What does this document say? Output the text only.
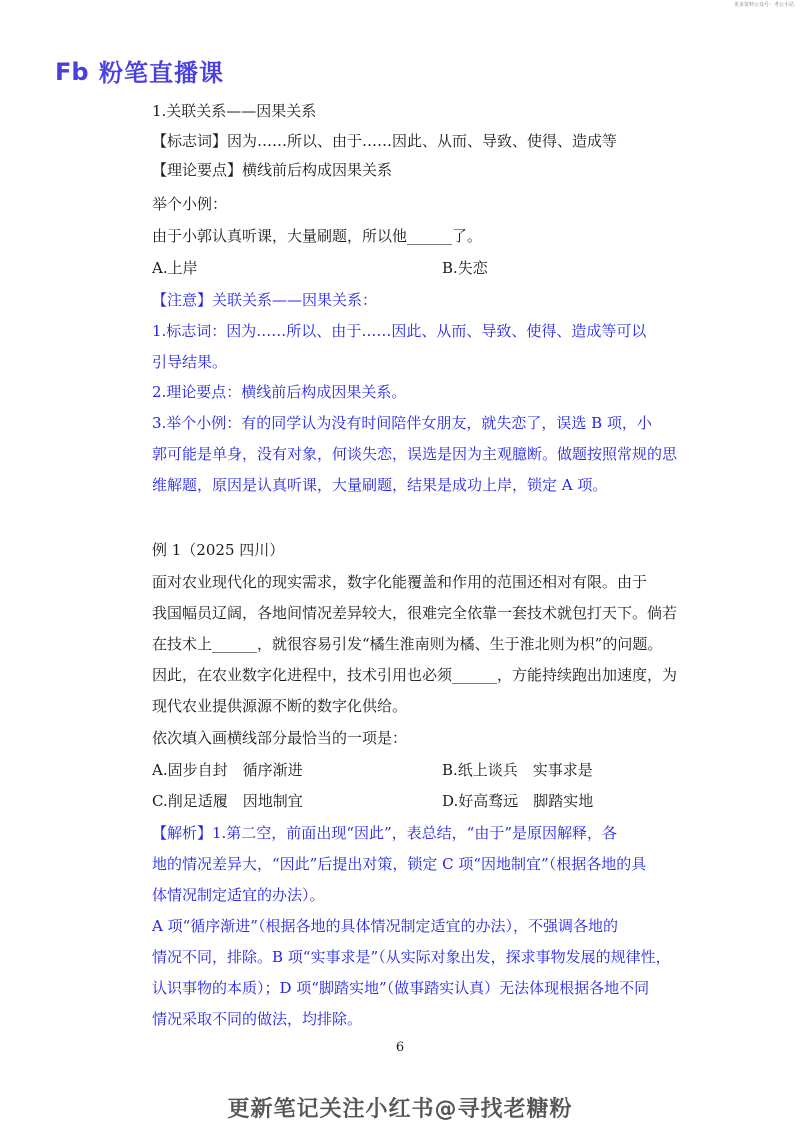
更多资料公众号：考公小站
Fb 粉笔直播课
1.关联关系——因果关系
【标志词】因为……所以、由于……因此、从而、导致、使得、造成等
【理论要点】横线前后构成因果关系
举个小例：
由于小郭认真听课，大量刷题，所以他______了。
A.上岸	B.失恋
【注意】关联关系——因果关系：
1.标志词：因为……所以、由于……因此、从而、导致、使得、造成等可以
引导结果。
2.理论要点：横线前后构成因果关系。
3.举个小例：有的同学认为没有时间陪伴女朋友，就失恋了，误选 B 项，小
郭可能是单身，没有对象，何谈失恋，误选是因为主观臆断。做题按照常规的思
维解题，原因是认真听课，大量刷题，结果是成功上岸，锁定 A 项。
例 1（2025 四川）
面对农业现代化的现实需求，数字化能覆盖和作用的范围还相对有限。由于
我国幅员辽阔，各地间情况差异较大，很难完全依靠一套技术就包打天下。倘若
在技术上______，就很容易引发“橘生淮南则为橘、生于淮北则为枳”的问题。
因此，在农业数字化进程中，技术引用也必须______，方能持续跑出加速度，为
现代农业提供源源不断的数字化供给。
依次填入画横线部分最恰当的一项是：
A.固步自封　循序渐进	B.纸上谈兵　实事求是
C.削足适履　因地制宜	D.好高骛远　脚踏实地
【解析】1.第二空，前面出现“因此”，表总结，“由于”是原因解释，各
地的情况差异大，“因此”后提出对策，锁定 C 项“因地制宜”（根据各地的具
体情况制定适宜的办法）。
A 项“循序渐进”（根据各地的具体情况制定适宜的办法），不强调各地的
情况不同，排除。B 项“实事求是”（从实际对象出发，探求事物发展的规律性，
认识事物的本质）；D 项“脚踏实地”（做事踏实认真）无法体现根据各地不同
情况采取不同的做法，均排除。
6
更新笔记关注小红书@寻找老糖粉
